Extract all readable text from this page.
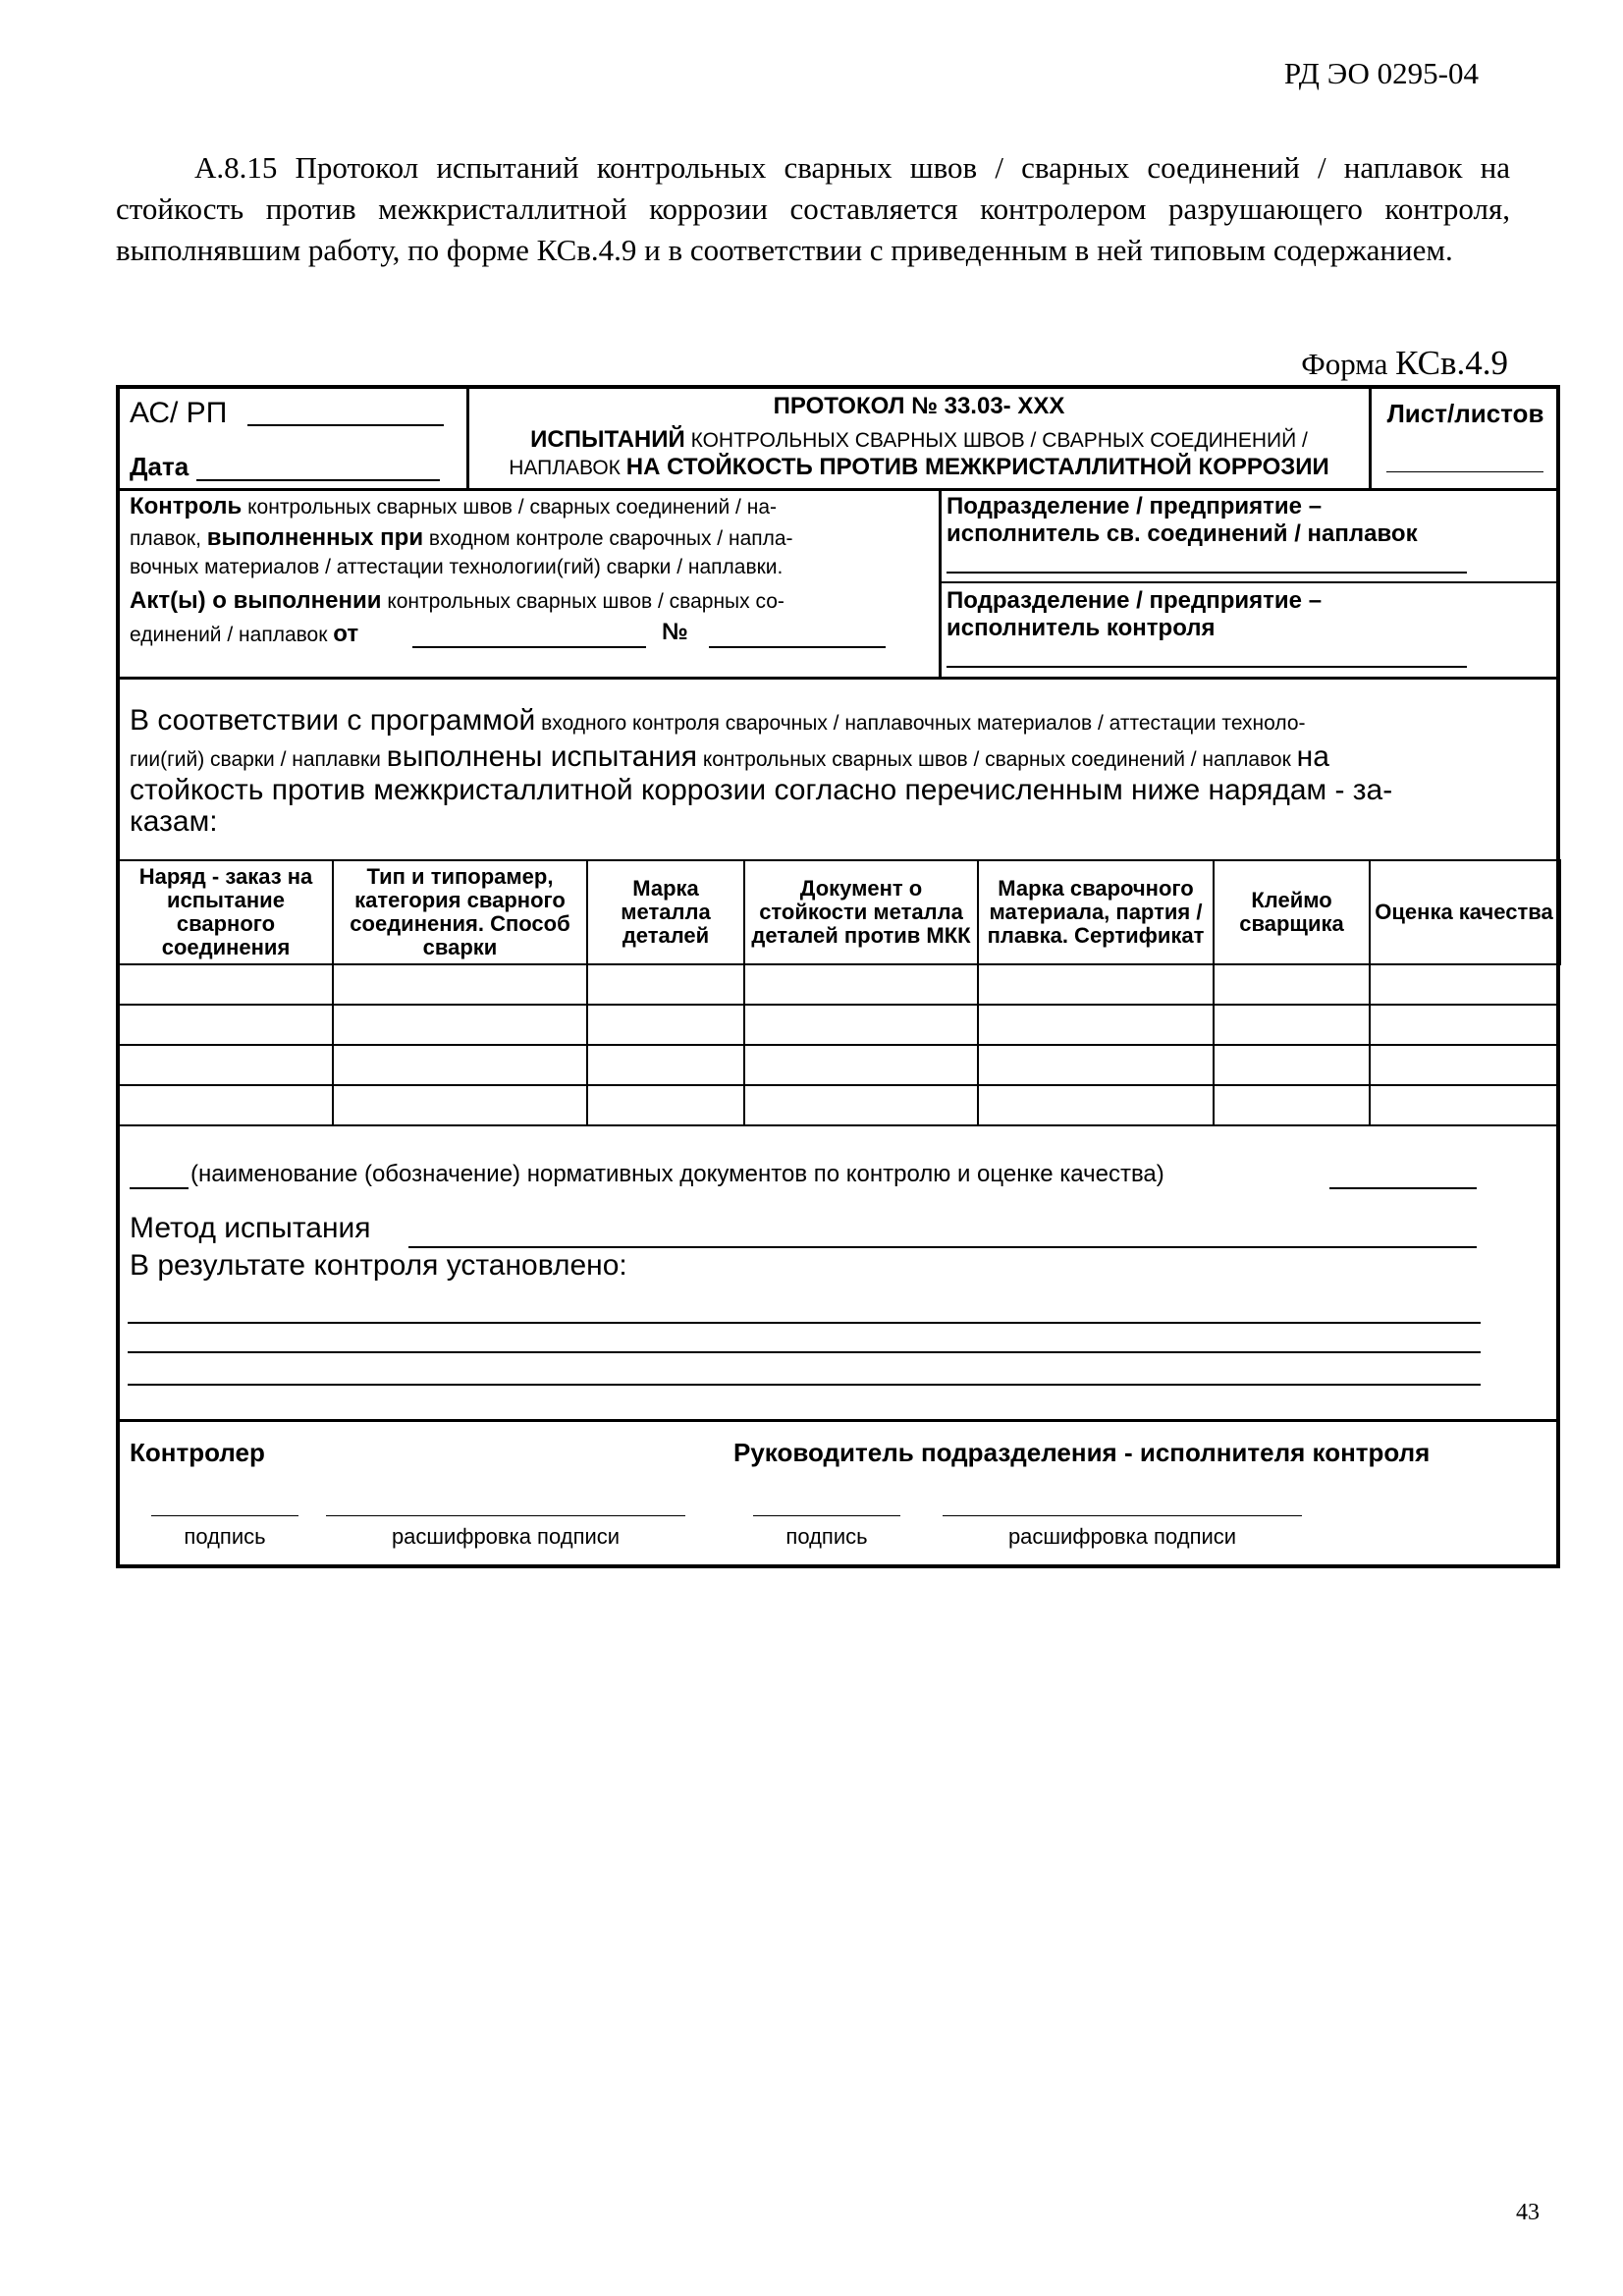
РД ЭО 0295-04
А.8.15 Протокол испытаний контрольных сварных швов / сварных соединений / наплавок на стойкость против межкристаллитной коррозии составляется контролером разрушающего контроля, выполнявшим работу, по форме КСв.4.9 и в соответствии с приведенным в ней типовым содержанием.
Форма КСв.4.9
АС/ РП
Дата
ПРОТОКОЛ № 33.03- XXX
ИСПЫТАНИЙ КОНТРОЛЬНЫХ СВАРНЫХ ШВОВ / СВАРНЫХ СОЕДИНЕНИЙ /
НАПЛАВОК НА СТОЙКОСТЬ ПРОТИВ МЕЖКРИСТАЛЛИТНОЙ КОРРОЗИИ
Лист/листов
Контроль контрольных сварных швов / сварных соединений / на-
плавок, выполненных при входном контроле сварочных / напла-
вочных материалов / аттестации технологии(гий) сварки / наплавки.
Акт(ы) о выполнении контрольных сварных швов / сварных со-
единений / наплавок от	№
Подразделение / предприятие –
исполнитель св. соединений / наплавок
Подразделение / предприятие –
исполнитель контроля
В соответствии с программой входного контроля сварочных / наплавочных материалов / аттестации техноло-
гии(гий) сварки / наплавки выполнены испытания контрольных сварных швов / сварных соединений / наплавок на
стойкость против межкристаллитной коррозии согласно перечисленным ниже нарядам - за-
казам:
Наряд - заказ на испытание сварного соединения	Тип и типорамер, категория сварного соединения. Способ сварки	Марка металла деталей	Документ о стойкости металла деталей против МКК	Марка сварочного материала, партия / плавка. Сертификат	Клеймо сварщика	Оценка качества

(наименование (обозначение) нормативных документов по контролю и оценке качества)
Метод испытания
В результате контроля установлено:
Контролер	Руководитель подразделения - исполнителя контроля
подпись	расшифровка подписи	подпись	расшифровка подписи
43
